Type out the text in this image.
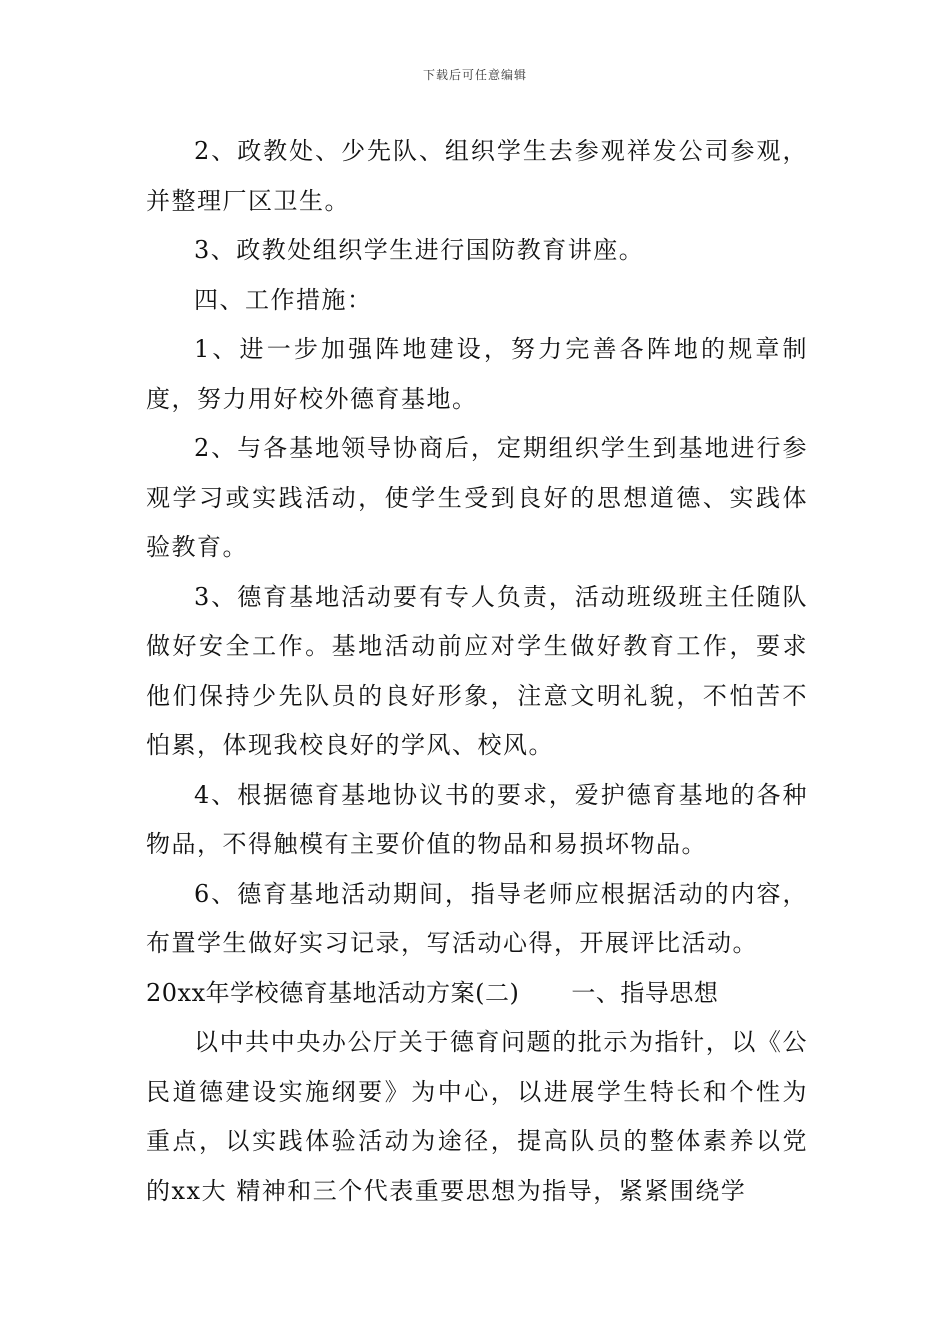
下载后可任意编辑

2、政教处、少先队、组织学生去参观祥发公司参观，并整理厂区卫生。

3、政教处组织学生进行国防教育讲座。

四、工作措施：

1、进一步加强阵地建设，努力完善各阵地的规章制度，努力用好校外德育基地。

2、与各基地领导协商后，定期组织学生到基地进行参观学习或实践活动，使学生受到良好的思想道德、实践体验教育。

3、德育基地活动要有专人负责，活动班级班主任随队做好安全工作。基地活动前应对学生做好教育工作，要求他们保持少先队员的良好形象，注意文明礼貌，不怕苦不怕累，体现我校良好的学风、校风。

4、根据德育基地协议书的要求，爱护德育基地的各种物品，不得触模有主要价值的物品和易损坏物品。

6、德育基地活动期间，指导老师应根据活动的内容，布置学生做好实习记录，写活动心得，开展评比活动。

20xx年学校德育基地活动方案(二) 一、指导思想

以中共中央办公厅关于德育问题的批示为指针，以《公民道德建设实施纲要》为中心，以进展学生特长和个性为重点，以实践体验活动为途径，提高队员的整体素养以党的xx大 精神和三个代表重要思想为指导，紧紧围绕学
